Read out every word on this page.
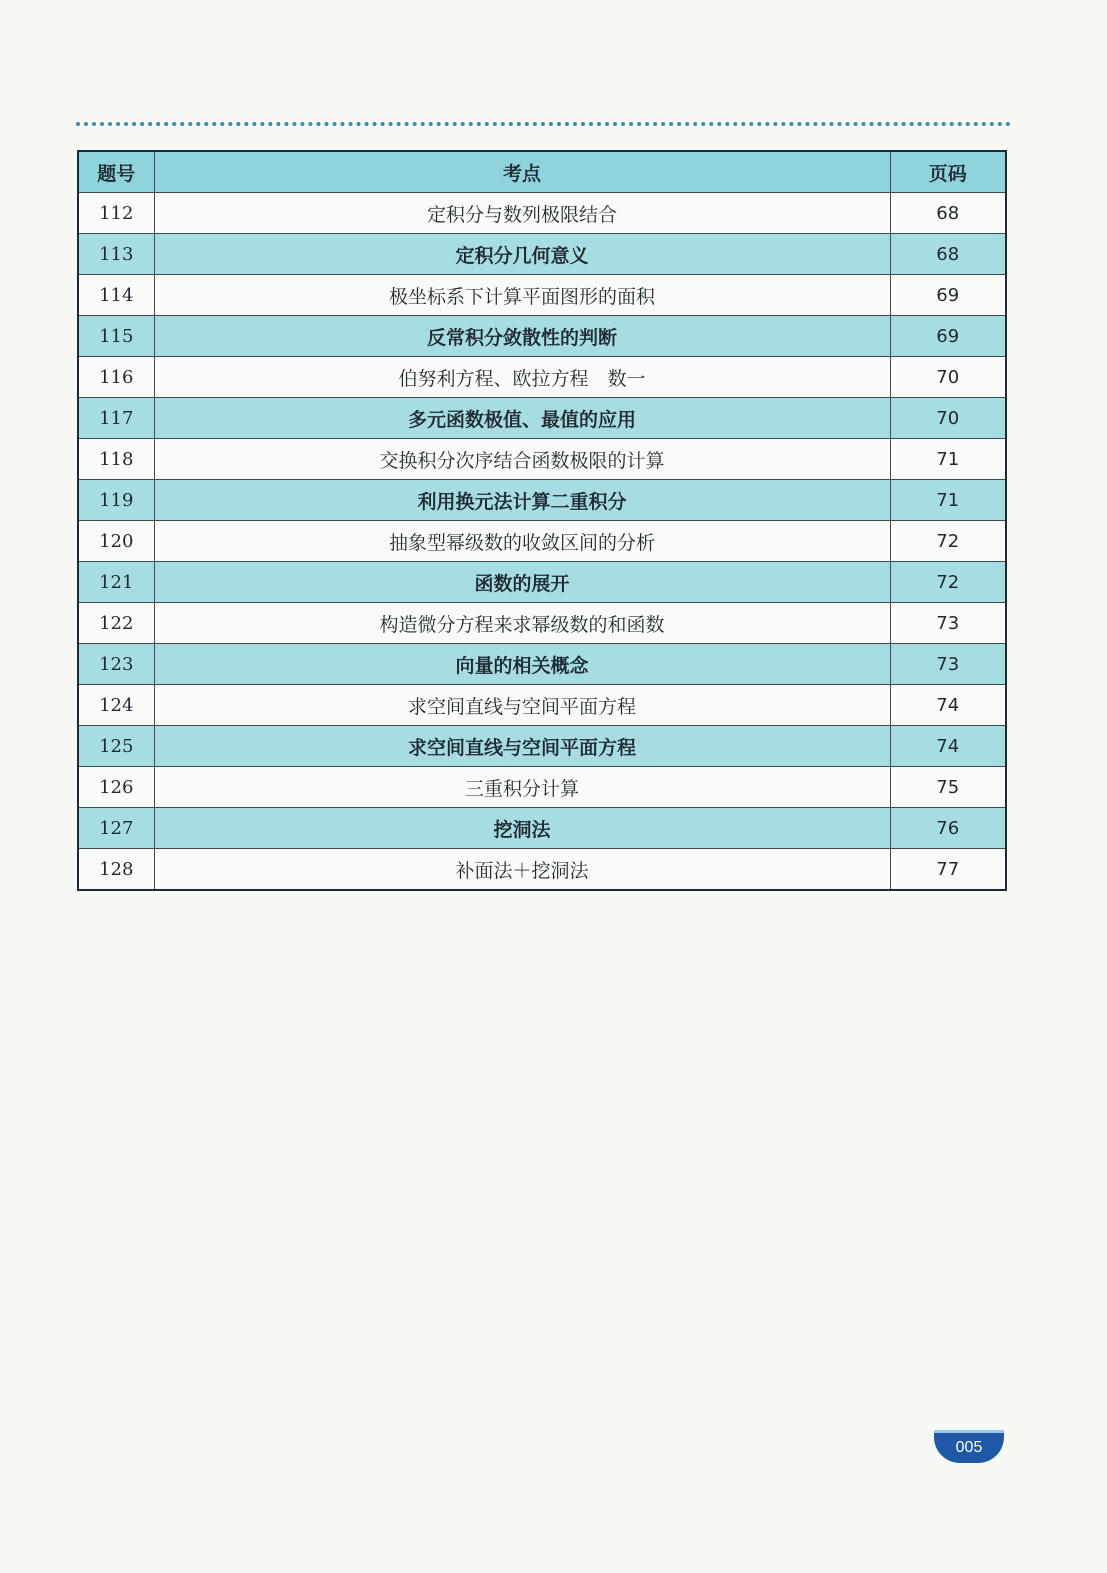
题号	考点	页码
112	定积分与数列极限结合	68
113	定积分几何意义	68
114	极坐标系下计算平面图形的面积	69
115	反常积分敛散性的判断	69
116	伯努利方程、欧拉方程　数一	70
117	多元函数极值、最值的应用	70
118	交换积分次序结合函数极限的计算	71
119	利用换元法计算二重积分	71
120	抽象型幂级数的收敛区间的分析	72
121	函数的展开	72
122	构造微分方程来求幂级数的和函数	73
123	向量的相关概念	73
124	求空间直线与空间平面方程	74
125	求空间直线与空间平面方程	74
126	三重积分计算	75
127	挖洞法	76
128	补面法＋挖洞法	77
005
